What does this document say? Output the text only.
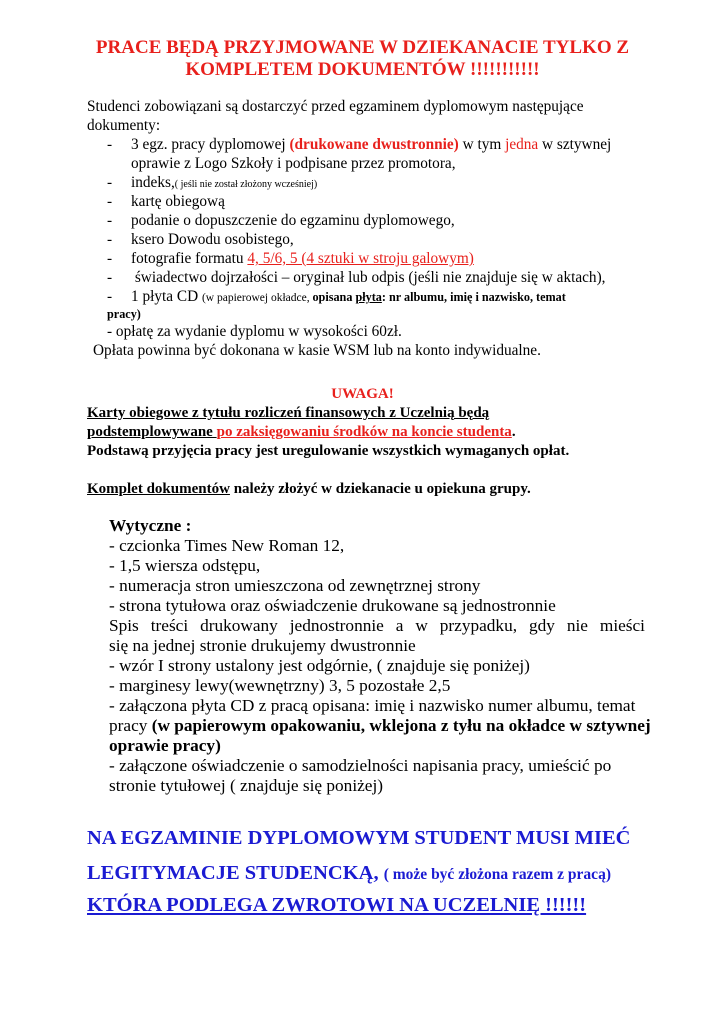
PRACE BĘDĄ PRZYJMOWANE W DZIEKANACIE TYLKO Z
KOMPLETEM DOKUMENTÓW !!!!!!!!!!!
Studenci zobowiązani są dostarczyć przed egzaminem dyplomowym następujące
dokumenty:
- 3 egz. pracy dyplomowej (drukowane dwustronnie) w tym jedna w sztywnej
oprawie z Logo Szkoły i podpisane przez promotora,
- indeks,( jeśli nie został złożony wcześniej)
- kartę obiegową
- podanie o dopuszczenie do egzaminu dyplomowego,
- ksero Dowodu osobistego,
- fotografie formatu 4, 5/6, 5 (4 sztuki w stroju galowym)
- świadectwo dojrzałości – oryginał lub odpis (jeśli nie znajduje się w aktach),
- 1 płyta CD (w papierowej okładce, opisana płyta: nr albumu, imię i nazwisko, temat
pracy)
- opłatę za wydanie dyplomu w wysokości 60zł.
Opłata powinna być dokonana w kasie WSM lub na konto indywidualne.
UWAGA!
Karty obiegowe z tytułu rozliczeń finansowych z Uczelnią będą
podstemplowywane po zaksięgowaniu środków na koncie studenta.
Podstawą przyjęcia pracy jest uregulowanie wszystkich wymaganych opłat.
Komplet dokumentów należy złożyć w dziekanacie u opiekuna grupy.
Wytyczne :
- czcionka Times New Roman 12,
- 1,5 wiersza odstępu,
- numeracja stron umieszczona od zewnętrznej strony
- strona tytułowa oraz oświadczenie drukowane są jednostronnie
Spis treści drukowany jednostronnie a w przypadku, gdy nie mieści
się na jednej stronie drukujemy dwustronnie
- wzór I strony ustalony jest odgórnie, ( znajduje się poniżej)
- marginesy lewy(wewnętrzny) 3, 5 pozostałe 2,5
- załączona płyta CD z pracą opisana: imię i nazwisko numer albumu, temat
pracy (w papierowym opakowaniu, wklejona z tyłu na okładce w sztywnej
oprawie pracy)
- załączone oświadczenie o samodzielności napisania pracy, umieścić po
stronie tytułowej ( znajduje się poniżej)
NA EGZAMINIE DYPLOMOWYM STUDENT MUSI MIEĆ
LEGITYMACJE STUDENCKĄ, ( może być złożona razem z pracą)
KTÓRA PODLEGA ZWROTOWI NA UCZELNIĘ !!!!!!
